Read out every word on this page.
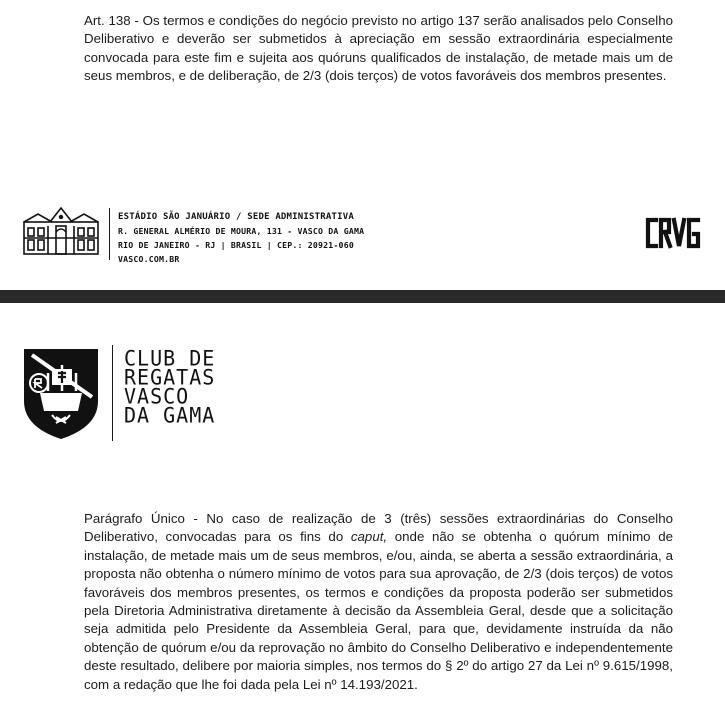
Art. 138 - Os termos e condições do negócio previsto no artigo 137 serão analisados pelo Conselho Deliberativo e deverão ser submetidos à apreciação em sessão extraordinária especialmente convocada para este fim e sujeita aos quóruns qualificados de instalação, de metade mais um de seus membros, e de deliberação, de 2/3 (dois terços) de votos favoráveis dos membros presentes.

ESTÁDIO SÃO JANUÁRIO / SEDE ADMINISTRATIVA
R. GENERAL ALMÉRIO DE MOURA, 131 - VASCO DA GAMA
RIO DE JANEIRO - RJ | BRASIL | CEP.: 20921-060
VASCO.COM.BR
CLUB DE
REGATAS
VASCO
DA GAMA

Parágrafo Único - No caso de realização de 3 (três) sessões extraordinárias do Conselho Deliberativo, convocadas para os fins do caput, onde não se obtenha o quórum mínimo de instalação, de metade mais um de seus membros, e/ou, ainda, se aberta a sessão extraordinária, a proposta não obtenha o número mínimo de votos para sua aprovação, de 2/3 (dois terços) de votos favoráveis dos membros presentes, os termos e condições da proposta poderão ser submetidos pela Diretoria Administrativa diretamente à decisão da Assembleia Geral, desde que a solicitação seja admitida pelo Presidente da Assembleia Geral, para que, devidamente instruída da não obtenção de quórum e/ou da reprovação no âmbito do Conselho Deliberativo e independentemente deste resultado, delibere por maioria simples, nos termos do § 2º do artigo 27 da Lei nº 9.615/1998, com a redação que lhe foi dada pela Lei nº 14.193/2021.
